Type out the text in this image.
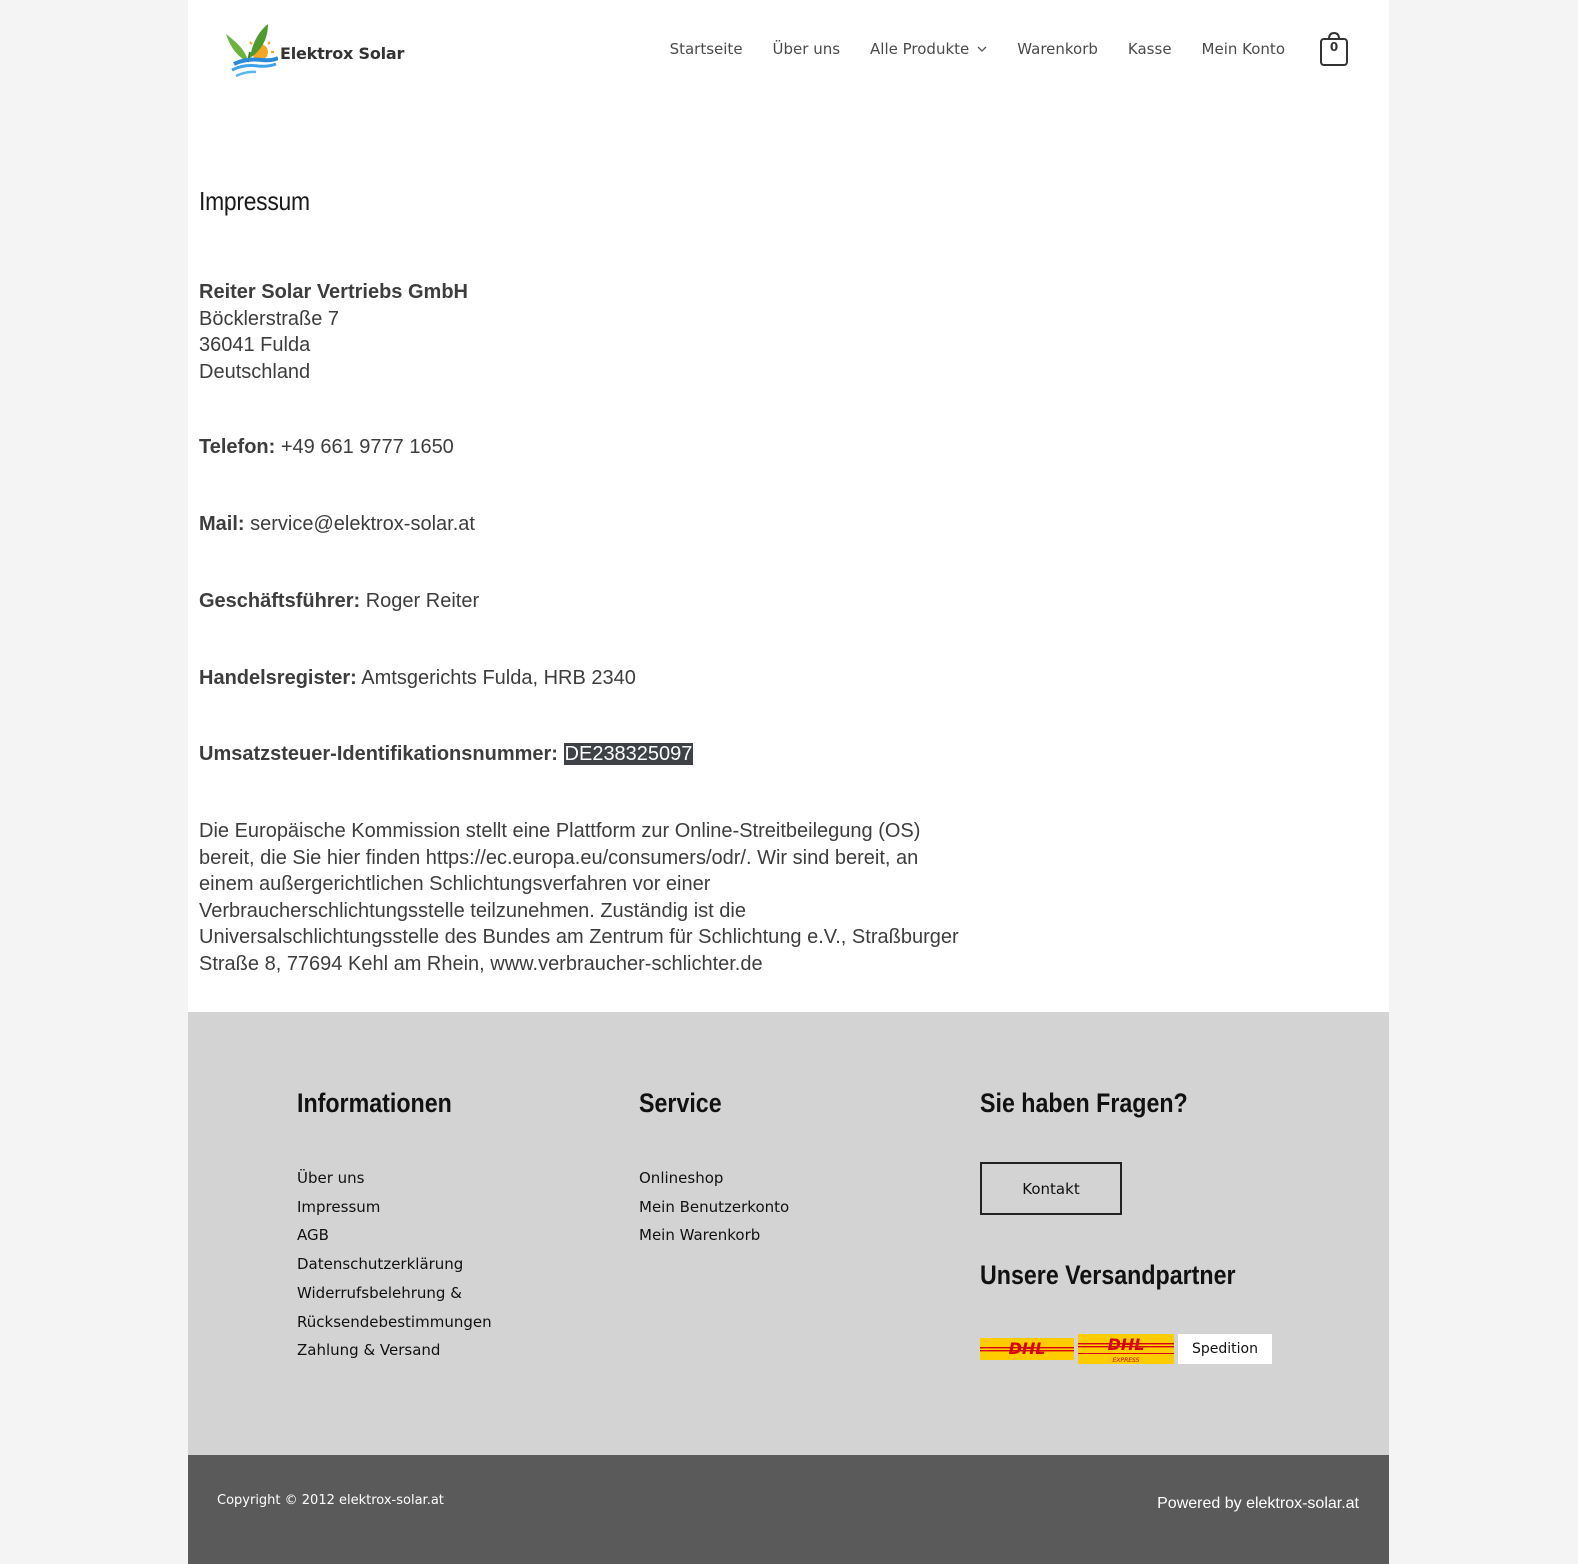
Elektrox Solar	Startseite Über uns Alle Produkte	Warenkorb Kasse Mein Konto	0
Impressum
Reiter Solar Vertriebs GmbH
Böcklerstraße 7
36041 Fulda
Deutschland
Telefon: +49 661 9777 1650
Mail: service@elektrox-solar.at
Geschäftsführer: Roger Reiter
Handelsregister: Amtsgerichts Fulda, HRB 2340
Umsatzsteuer-Identifikationsnummer: DE238325097
Die Europäische Kommission stellt eine Plattform zur Online-Streitbeilegung (OS)
bereit, die Sie hier finden https://ec.europa.eu/consumers/odr/. Wir sind bereit, an
einem außergerichtlichen Schlichtungsverfahren vor einer
Verbraucherschlichtungsstelle teilzunehmen. Zuständig ist die
Universalschlichtungsstelle des Bundes am Zentrum für Schlichtung e.V., Straßburger
Straße 8, 77694 Kehl am Rhein, www.verbraucher-schlichter.de
Informationen
Über uns
Impressum
AGB
Datenschutzerklärung
Widerrufsbelehrung &
Rücksendebestimmungen
Zahlung & Versand
Service
Onlineshop
Mein Benutzerkonto
Mein Warenkorb
Sie haben Fragen?
Kontakt
Unsere Versandpartner
DHL	DHL
EXPRESS
Spedition
Copyright © 2012 elektrox-solar.at	Powered by elektrox-solar.at
